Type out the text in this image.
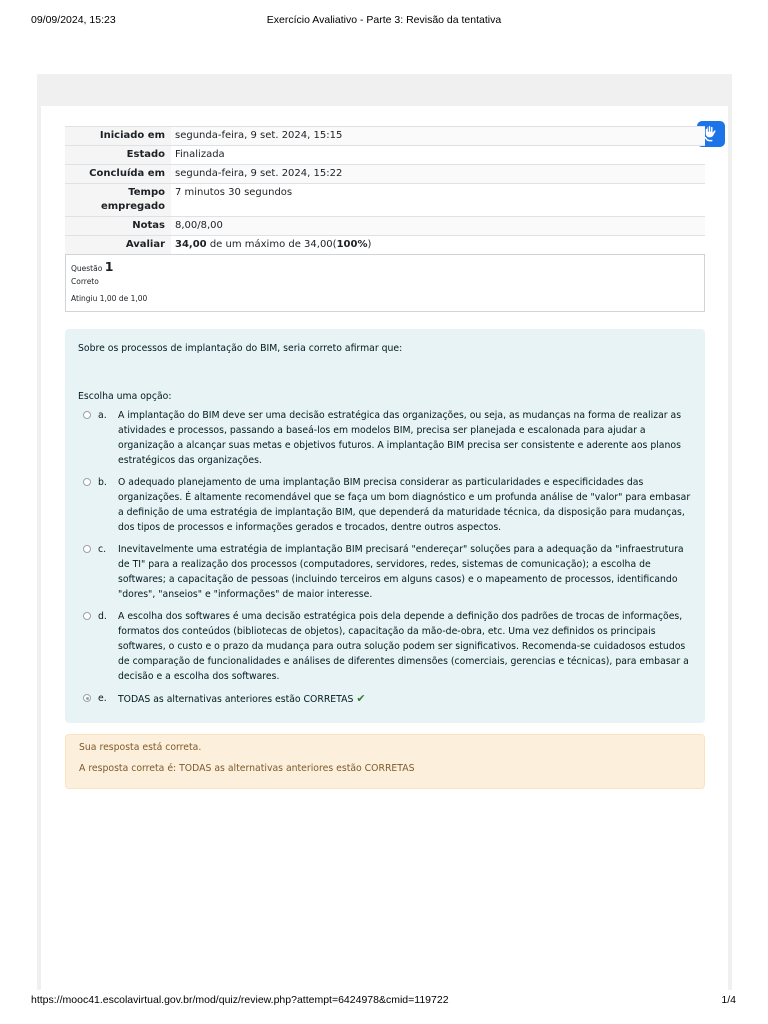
09/09/2024, 15:23	Exercício Avaliativo - Parte 3: Revisão da tentativa
Iniciado em	segunda-feira, 9 set. 2024, 15:15
Estado	Finalizada
Concluída em	segunda-feira, 9 set. 2024, 15:22
Tempo empregado	7 minutos 30 segundos
Notas	8,00/8,00
Avaliar	34,00 de um máximo de 34,00(100%)
Questão 1
Correto
Atingiu 1,00 de 1,00
Sobre os processos de implantação do BIM, seria correto afirmar que:
Escolha uma opção:
a. A implantação do BIM deve ser uma decisão estratégica das organizações, ou seja, as mudanças na forma de realizar as atividades e processos, passando a baseá-los em modelos BIM, precisa ser planejada e escalonada para ajudar a organização a alcançar suas metas e objetivos futuros. A implantação BIM precisa ser consistente e aderente aos planos estratégicos das organizações.
b. O adequado planejamento de uma implantação BIM precisa considerar as particularidades e especificidades das organizações. É altamente recomendável que se faça um bom diagnóstico e um profunda análise de "valor" para embasar a definição de uma estratégia de implantação BIM, que dependerá da maturidade técnica, da disposição para mudanças, dos tipos de processos e informações gerados e trocados, dentre outros aspectos.
c. Inevitavelmente uma estratégia de implantação BIM precisará "endereçar" soluções para a adequação da "infraestrutura de TI" para a realização dos processos (computadores, servidores, redes, sistemas de comunicação); a escolha de softwares; a capacitação de pessoas (incluindo terceiros em alguns casos) e o mapeamento de processos, identificando "dores", "anseios" e "informações" de maior interesse.
d. A escolha dos softwares é uma decisão estratégica pois dela depende a definição dos padrões de trocas de informações, formatos dos conteúdos (bibliotecas de objetos), capacitação da mão-de-obra, etc. Uma vez definidos os principais softwares, o custo e o prazo da mudança para outra solução podem ser significativos. Recomenda-se cuidadosos estudos de comparação de funcionalidades e análises de diferentes dimensões (comerciais, gerencias e técnicas), para embasar a decisão e a escolha dos softwares.
e. TODAS as alternativas anteriores estão CORRETAS ✔
Sua resposta está correta.
A resposta correta é: TODAS as alternativas anteriores estão CORRETAS
https://mooc41.escolavirtual.gov.br/mod/quiz/review.php?attempt=6424978&cmid=119722	1/4
